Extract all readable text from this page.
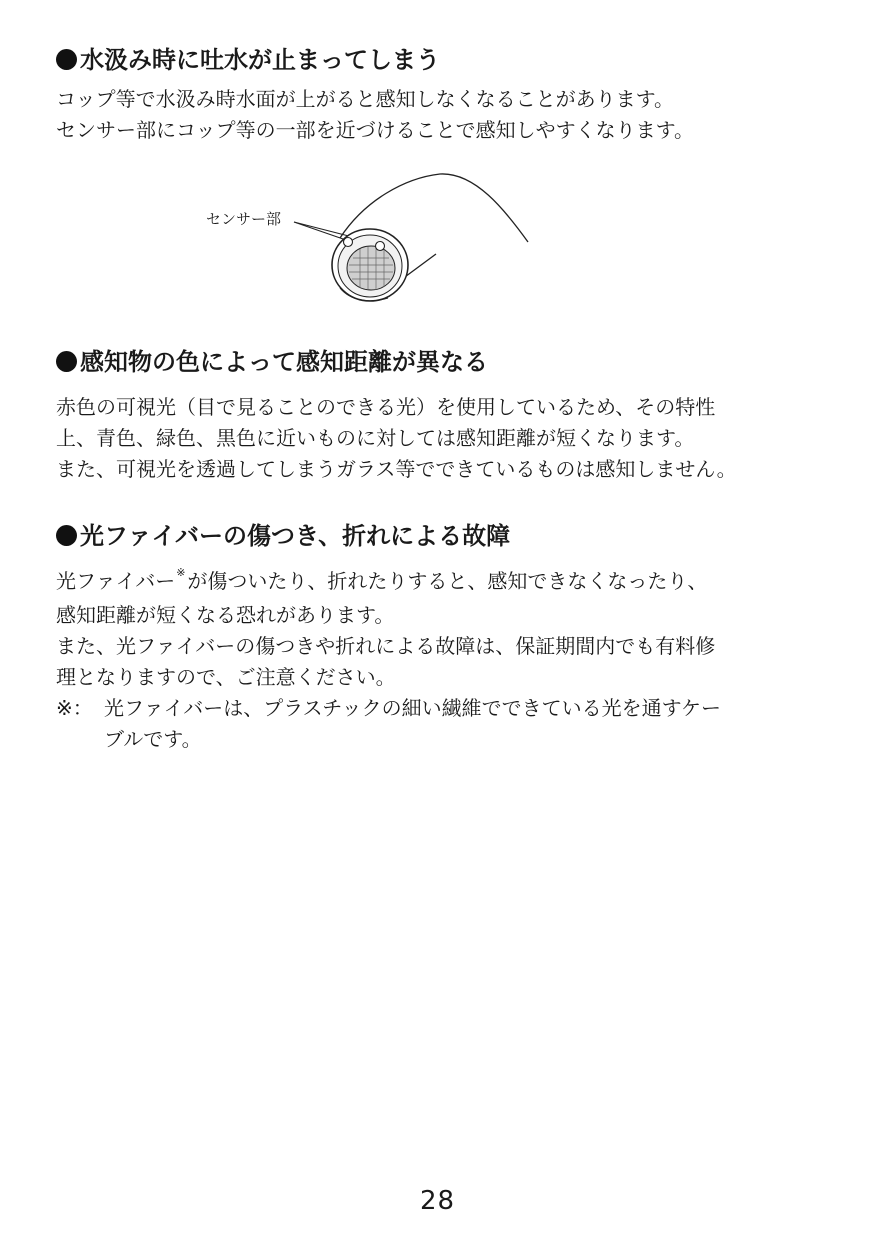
水汲み時に吐水が止まってしまう

コップ等で水汲み時水面が上がると感知しなくなることがあります。

センサー部にコップ等の一部を近づけることで感知しやすくなります。

センサー部
感知物の色によって感知距離が異なる

赤色の可視光（目で見ることのできる光）を使用しているため、その特性

上、青色、緑色、黒色に近いものに対しては感知距離が短くなります。

また、可視光を透過してしまうガラス等でできているものは感知しません。

光ファイバーの傷つき、折れによる故障

光ファイバー※ が傷ついたり、折れたりすると、感知できなくなったり、

感知距離が短くなる恐れがあります。

また、光ファイバーの傷つきや折れによる故障は、保証期間内でも有料修

理となりますので、ご注意ください。

※： 光ファイバーは、プラスチックの細い繊維でできている光を通すケー
ブルです。
28
